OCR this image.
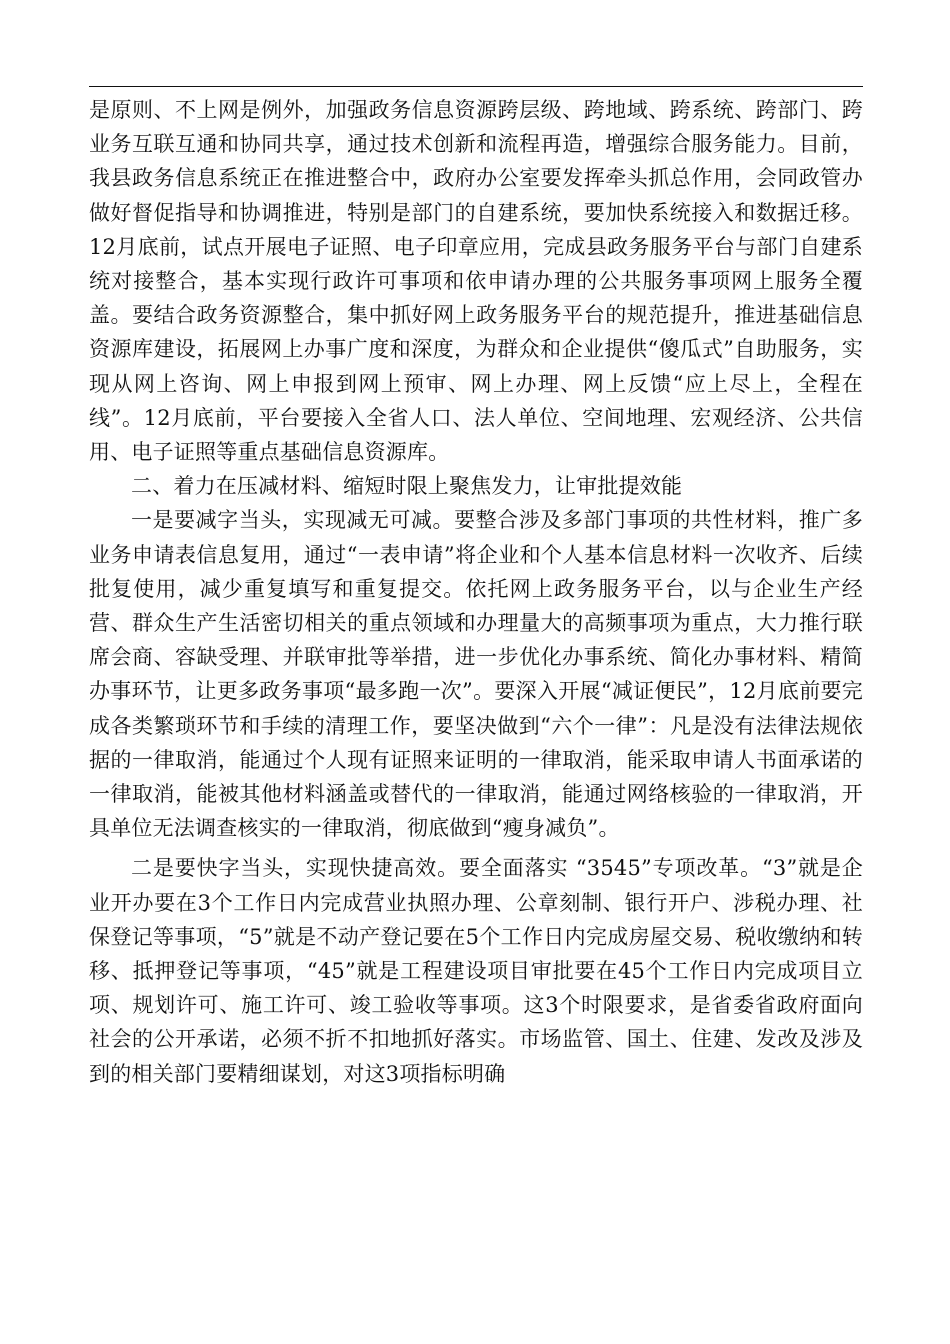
是原则、不上网是例外，加强政务信息资源跨层级、跨地域、跨系统、跨部门、跨业务互联互通和协同共享，通过技术创新和流程再造，增强综合服务能力。目前，我县政务信息系统正在推进整合中，政府办公室要发挥牵头抓总作用，会同政管办做好督促指导和协调推进，特别是部门的自建系统，要加快系统接入和数据迁移。12月底前，试点开展电子证照、电子印章应用，完成县政务服务平台与部门自建系统对接整合，基本实现行政许可事项和依申请办理的公共服务事项网上服务全覆盖。要结合政务资源整合，集中抓好网上政务服务平台的规范提升，推进基础信息资源库建设，拓展网上办事广度和深度，为群众和企业提供“傻瓜式”自助服务，实现从网上咨询、网上申报到网上预审、网上办理、网上反馈“应上尽上，全程在线”。12月底前，平台要接入全省人口、法人单位、空间地理、宏观经济、公共信用、电子证照等重点基础信息资源库。

二、着力在压减材料、缩短时限上聚焦发力，让审批提效能

一是要减字当头，实现减无可减。要整合涉及多部门事项的共性材料，推广多业务申请表信息复用，通过“一表申请”将企业和个人基本信息材料一次收齐、后续批复使用，减少重复填写和重复提交。依托网上政务服务平台，以与企业生产经营、群众生产生活密切相关的重点领域和办理量大的高频事项为重点，大力推行联席会商、容缺受理、并联审批等举措，进一步优化办事系统、简化办事材料、精简办事环节，让更多政务事项“最多跑一次”。要深入开展“减证便民”，12月底前要完成各类繁琐环节和手续的清理工作，要坚决做到“六个一律”：凡是没有法律法规依据的一律取消，能通过个人现有证照来证明的一律取消，能采取申请人书面承诺的一律取消，能被其他材料涵盖或替代的一律取消，能通过网络核验的一律取消，开具单位无法调查核实的一律取消，彻底做到“瘦身减负”。

二是要快字当头，实现快捷高效。要全面落实 “3545”专项改革。“3”就是企业开办要在3个工作日内完成营业执照办理、公章刻制、银行开户、涉税办理、社保登记等事项，“5”就是不动产登记要在5个工作日内完成房屋交易、税收缴纳和转移、抵押登记等事项，“45”就是工程建设项目审批要在45个工作日内完成项目立项、规划许可、施工许可、竣工验收等事项。这3个时限要求，是省委省政府面向社会的公开承诺，必须不折不扣地抓好落实。市场监管、国土、住建、发改及涉及到的相关部门要精细谋划，对这3项指标明确
